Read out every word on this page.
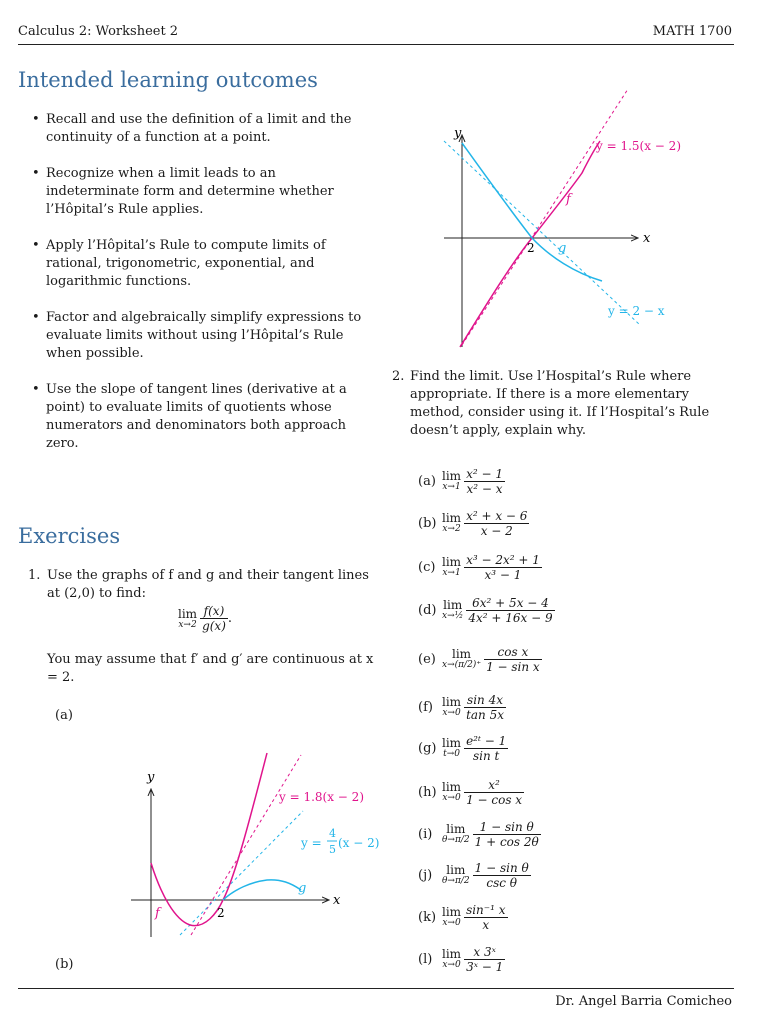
Calculus 2: Worksheet 2	MATH 1700
Intended learning outcomes
• Recall and use the definition of a limit and the continuity of a function at a point.
• Recognize when a limit leads to an indeterminate form and determine whether l’Hôpital’s Rule applies.
• Apply l’Hôpital’s Rule to compute limits of rational, trigonometric, exponential, and logarithmic functions.
• Factor and algebraically simplify expressions to evaluate limits without using l’Hôpital’s Rule when possible.
• Use the slope of tangent lines (derivative at a point) to evaluate limits of quotients whose numerators and denominators both approach zero.
Exercises
1. Use the graphs of f and g and their tangent lines at (2,0) to find:
lim
$x\to 2 \frac{f(x)}{g(x)}$ .
You may assume that f′ and g′ are continuous at x = 2.
(a)
(b)
y
x
2
f
g
y = 1.8(x − 2)
y =
4
5 (x − 2)
y
x
2
f
g
y = 1.5(x − 2)
y = 2 − x
2. Find the limit. Use l’Hospital’s Rule where appropriate. If there is a more elementary method, consider using it. If l’Hospital’s Rule doesn’t apply, explain why.
(a) lim
$x\to 1 \frac{\text{x² − 1}}{\text{x² − x}}$
(b) lim
$x\to 2 \frac{\text{x² + x − 6}}{x - 2}$
(c) lim
$x\to 1 \frac{\text{x³ − 2x² + 1}}{\text{x³ − 1}}$
(d) lim
x→½ $\frac{\text{6x² + 5x − 4}}{\text{4x² + 16x − 9}}$
(e)	lim
$x\to(\pi/2)^+ \frac{\text{cos x}}{\text{1 − sin x}}$
(f) lim
$x\to 0 \frac{\sin 4x}{\tan 5x}$
(g) lim
$t\to 0 \frac{\text{e²ᵗ − 1}}{\text{sin t}}$
(h) lim
$x\to 0 \frac{\text{x²}}{\text{1 − cos x}}$
(i)	lim
$\theta\to\pi/2 \frac{\text{1 − sin θ}}{1 + \cos 2\theta}$
(j)	lim
$\theta\to\pi/2 \frac{\text{1 − sin θ}}{\text{csc θ}}$
(k) lim
$x\to 0 \frac{\text{sin⁻¹ x}}{x}$
(l) lim
$x\to 0 \frac{\text{x 3ˣ}}{\text{3ˣ − 1}}$
Dr. Angel Barria Comicheo
